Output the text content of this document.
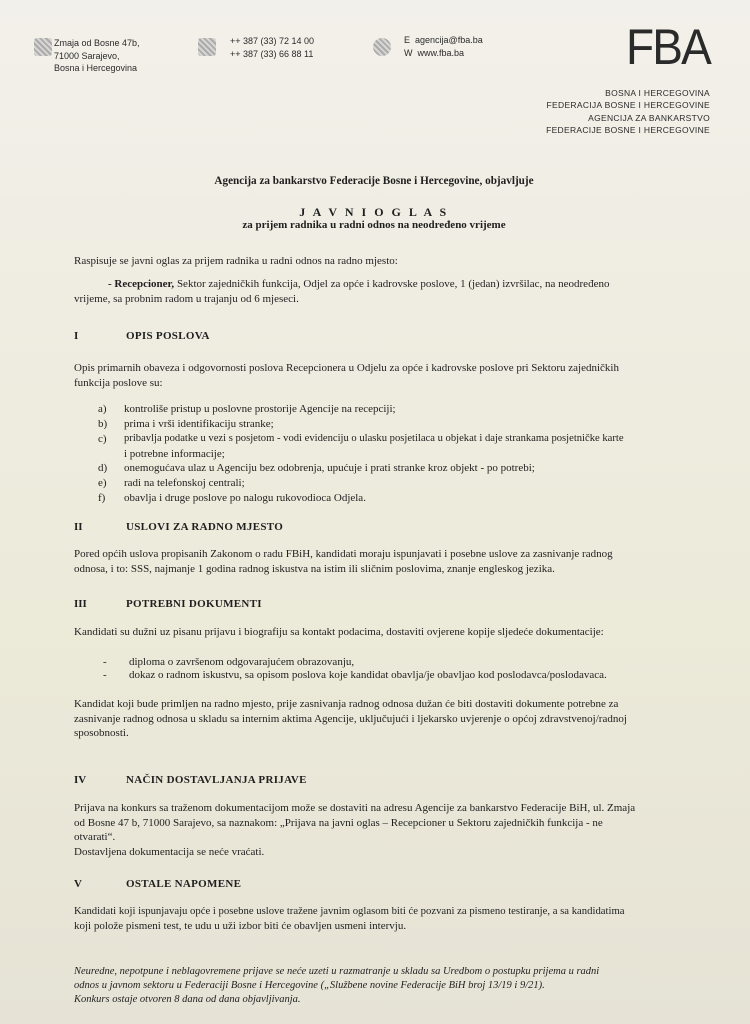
Zmaja od Bosne 47b,
71000 Sarajevo,
Bosna i Hercegovina
++ 387 (33) 72 14 00
++ 387 (33) 66 88 11
E agencija@fba.ba
W www.fba.ba	FBA
BOSNA I HERCEGOVINA
FEDERACIJA BOSNE I HERCEGOVINE
AGENCIJA ZA BANKARSTVO
FEDERACIJE BOSNE I HERCEGOVINE
Agencija za bankarstvo Federacije Bosne i Hercegovine, objavljuje
J A V N I O G L A S
za prijem radnika u radni odnos na neodređeno vrijeme
Raspisuje se javni oglas za prijem radnika u radni odnos na radno mjesto:
- Recepcioner, Sektor zajedničkih funkcija, Odjel za opće i kadrovske poslove, 1 (jedan) izvršilac, na neodređeno
vrijeme, sa probnim radom u trajanju od 6 mjeseci.
I	OPIS POSLOVA
Opis primarnih obaveza i odgovornosti poslova Recepcionera u Odjelu za opće i kadrovske poslove pri Sektoru zajedničkih
funkcija poslove su:
a) kontroliše pristup u poslovne prostorije Agencije na recepciji;
b) prima i vrši identifikaciju stranke;
c) pribavlja podatke u vezi s posjetom - vodi evidenciju o ulasku posjetilaca u objekat i daje strankama posjetničke karte
i potrebne informacije;
d) onemogućava ulaz u Agenciju bez odobrenja, upućuje i prati stranke kroz objekt - po potrebi;
e) radi na telefonskoj centrali;
f) obavlja i druge poslove po nalogu rukovodioca Odjela.
II	USLOVI ZA RADNO MJESTO
Pored općih uslova propisanih Zakonom o radu FBiH, kandidati moraju ispunjavati i posebne uslove za zasnivanje radnog
odnosa, i to: SSS, najmanje 1 godina radnog iskustva na istim ili sličnim poslovima, znanje engleskog jezika.
III	POTREBNI DOKUMENTI
Kandidati su dužni uz pisanu prijavu i biografiju sa kontakt podacima, dostaviti ovjerene kopije sljedeće dokumentacije:
- diploma o završenom odgovarajućem obrazovanju,
- dokaz o radnom iskustvu, sa opisom poslova koje kandidat obavlja/je obavljao kod poslodavca/poslodavaca.
Kandidat koji bude primljen na radno mjesto, prije zasnivanja radnog odnosa dužan će biti dostaviti dokumente potrebne za
zasnivanje radnog odnosa u skladu sa internim aktima Agencije, uključujući i ljekarsko uvjerenje o općoj zdravstvenoj/radnoj
sposobnosti.
IV	NAČIN DOSTAVLJANJA PRIJAVE
Prijava na konkurs sa traženom dokumentacijom može se dostaviti na adresu Agencije za bankarstvo Federacije BiH, ul. Zmaja
od Bosne 47 b, 71000 Sarajevo, sa naznakom: „Prijava na javni oglas – Recepcioner u Sektoru zajedničkih funkcija - ne
otvarati“.
Dostavljena dokumentacija se neće vraćati.
V	OSTALE NAPOMENE
Kandidati koji ispunjavaju opće i posebne uslove tražene javnim oglasom biti će pozvani za pismeno testiranje, a sa kandidatima
koji polože pismeni test, te udu u uži izbor biti će obavljen usmeni intervju.
Neuredne, nepotpune i neblagovremene prijave se neće uzeti u razmatranje u skladu sa Uredbom o postupku prijema u radni
odnos u javnom sektoru u Federaciji Bosne i Hercegovine („Službene novine Federacije BiH broj 13/19 i 9/21).
Konkurs ostaje otvoren 8 dana od dana objavljivanja.
